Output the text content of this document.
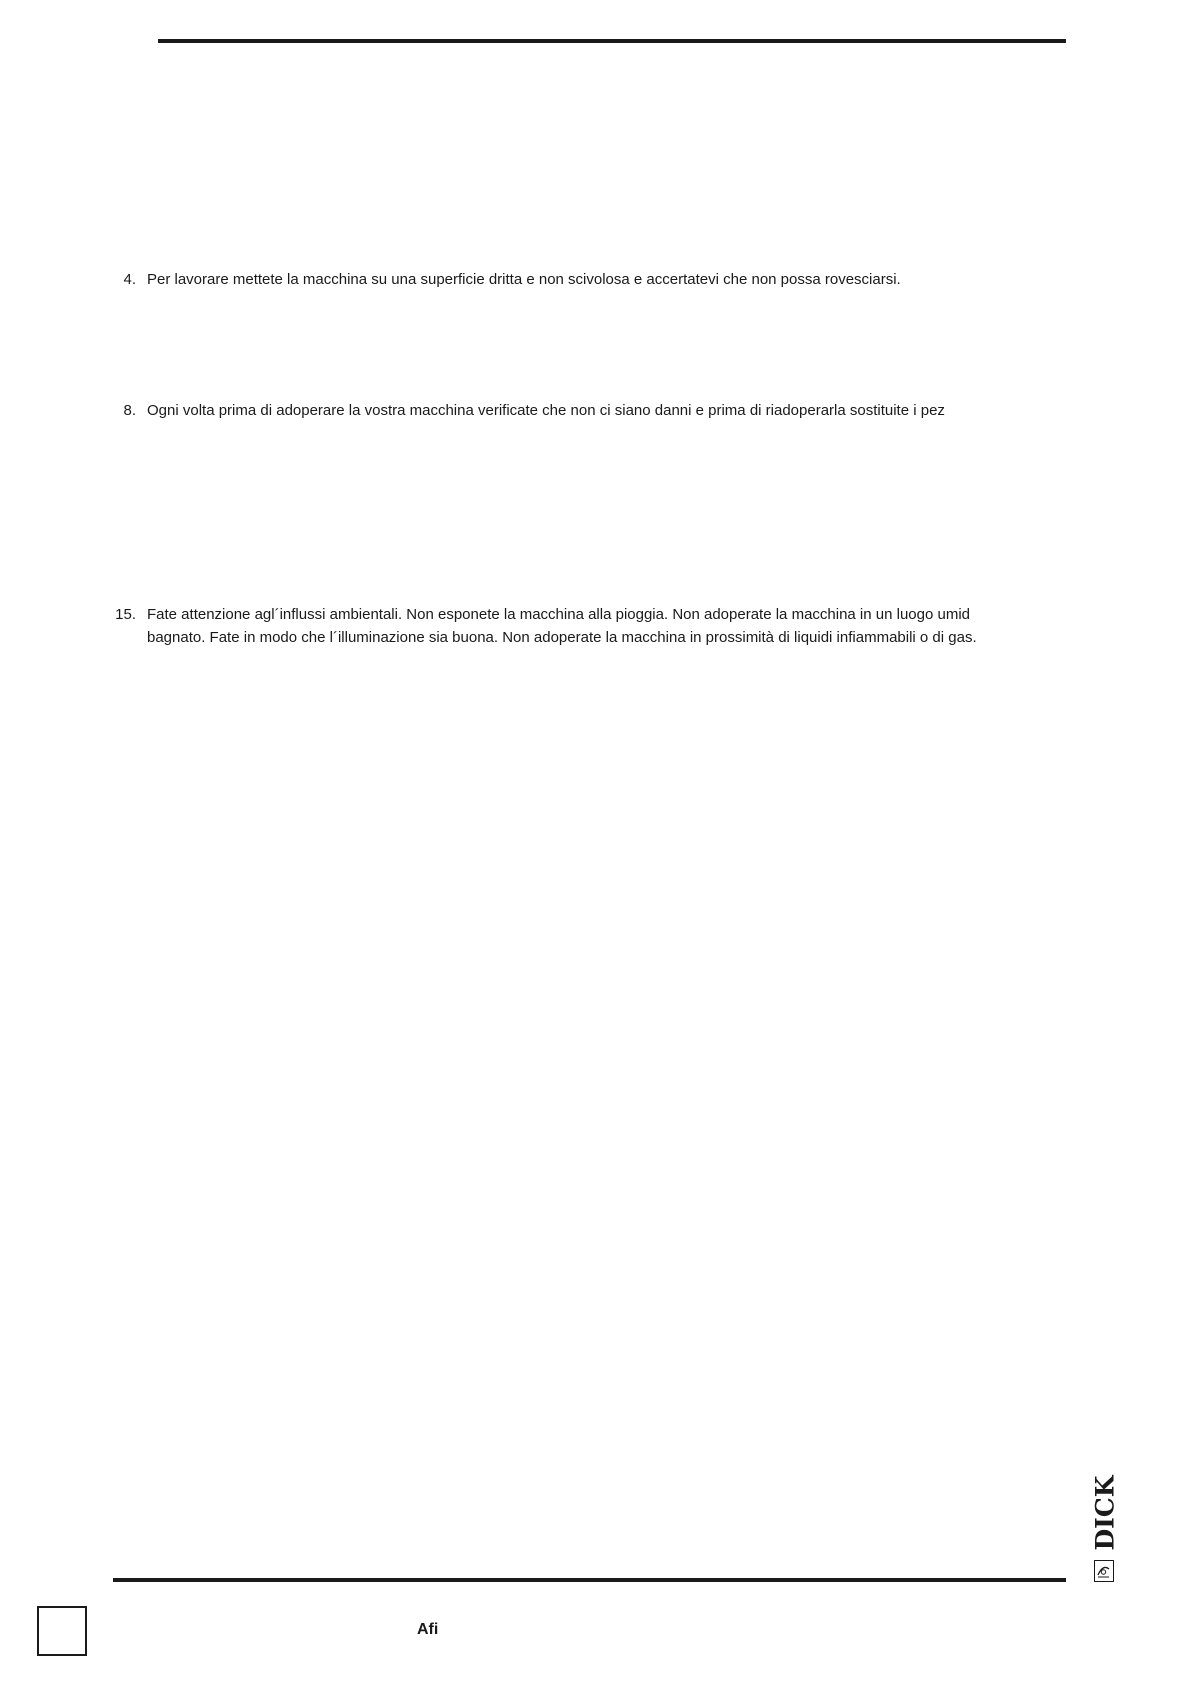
4. Per lavorare mettete la macchina su una superficie dritta e non scivolosa e accertatevi che non possa rovesciarsi.
8. Ogni volta prima di adoperare la vostra macchina verificate che non ci siano danni e prima di riadoperarla sostituite i pez
15. Fate attenzione agl´influssi ambientali. Non esponete la macchina alla pioggia. Non adoperate la macchina in un luogo umid
bagnato. Fate in modo che l´illuminazione sia buona. Non adoperate la macchina in prossimità di liquidi infiammabili o di gas.
DICK
Afi
